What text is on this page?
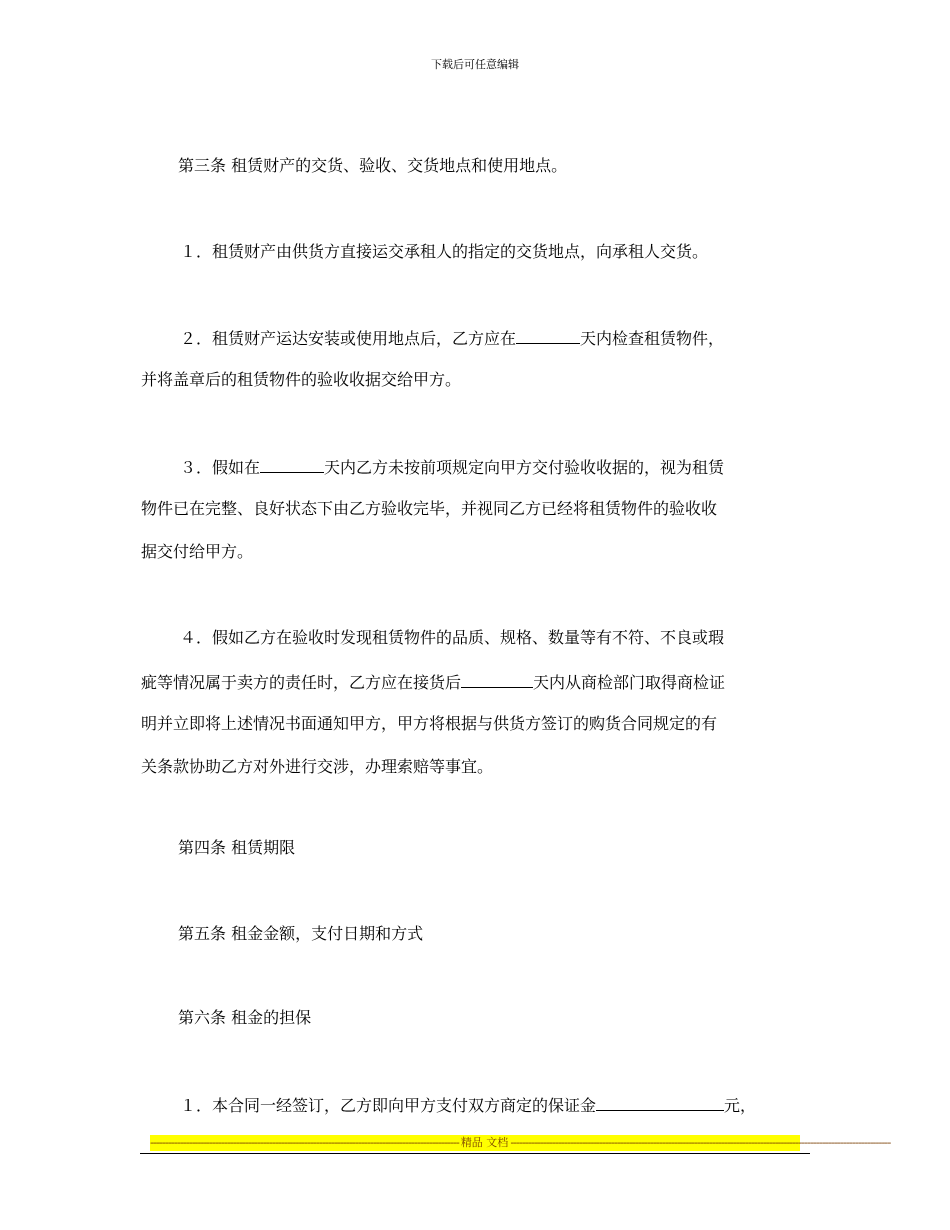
下载后可任意编辑
第三条 租赁财产的交货、验收、交货地点和使用地点。
１．租赁财产由供货方直接运交承租人的指定的交货地点，向承租人交货。
２．租赁财产运达安装或使用地点后，乙方应在	天内检查租赁物件，
并将盖章后的租赁物件的验收收据交给甲方。
３．假如在	天内乙方未按前项规定向甲方交付验收收据的，视为租赁
物件已在完整、良好状态下由乙方验收完毕，并视同乙方已经将租赁物件的验收收
据交付给甲方。
４．假如乙方在验收时发现租赁物件的品质、规格、数量等有不符、不良或瑕
疵等情况属于卖方的责任时，乙方应在接货后	天内从商检部门取得商检证
明并立即将上述情况书面通知甲方，甲方将根据与供货方签订的购货合同规定的有
关条款协助乙方对外进行交涉，办理索赔等事宜。
第四条 租赁期限
第五条 租金金额，支付日期和方式
第六条 租金的担保
１．本合同一经签订，乙方即向甲方支付双方商定的保证金	元，
-------------------------------------------------------------------------------------------------------- 精品 文档 --------------------------------------------------------------------------------------------------------------------------------
